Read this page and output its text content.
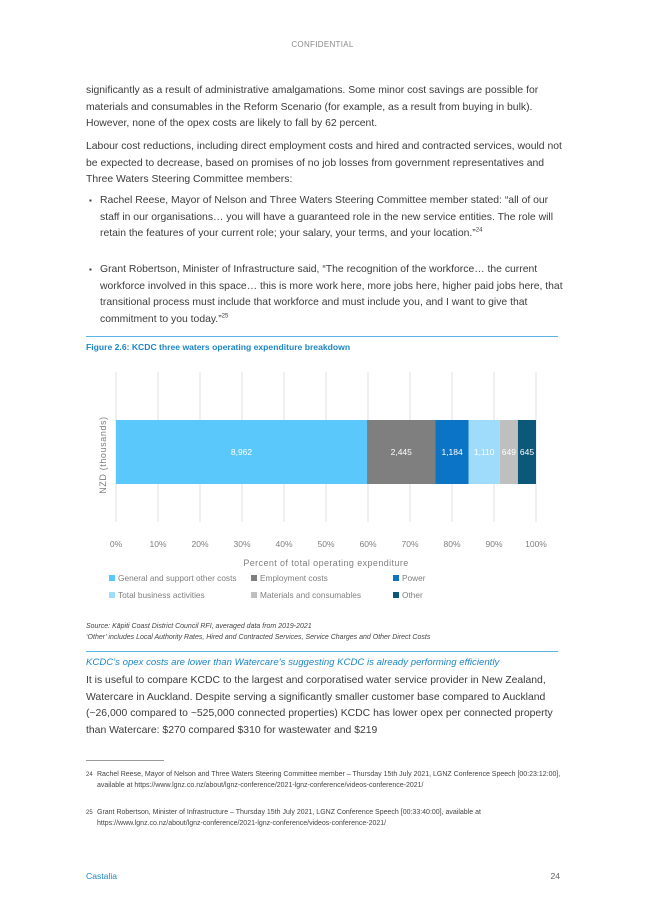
CONFIDENTIAL
significantly as a result of administrative amalgamations. Some minor cost savings are possible for materials and consumables in the Reform Scenario (for example, as a result from buying in bulk). However, none of the opex costs are likely to fall by 62 percent.
Labour cost reductions, including direct employment costs and hired and contracted services, would not be expected to decrease, based on promises of no job losses from government representatives and Three Waters Steering Committee members:
▪ Rachel Reese, Mayor of Nelson and Three Waters Steering Committee member stated: “all of our staff in our organisations… you will have a guaranteed role in the new service entities. The role will retain the features of your current role; your salary, your terms, and your location.”$^{24}$
▪ Grant Robertson, Minister of Infrastructure said, “The recognition of the workforce… the current workforce involved in this space… this is more work here, more jobs here, higher paid jobs here, that transitional process must include that workforce and must include you, and I want to give that commitment to you today.”$^{25}$
Figure 2.6: KCDC three waters operating expenditure breakdown
8,962	2,445	1,184 1,110 649 645
0%	10%	20%	30%	40%	50%	60%	70%	80%	90%	100%
NZD (thousands)
Percent of total operating expenditure
General and support other costs	Employment costs	Power
Total business activities	Materials and consumables	Other
Source: Kāpiti Coast District Council RFI, averaged data from 2019-2021
‘Other’ includes Local Authority Rates, Hired and Contracted Services, Service Charges and Other Direct Costs
KCDC’s opex costs are lower than Watercare’s suggesting KCDC is already performing efficiently
It is useful to compare KCDC to the largest and corporatised water service provider in New Zealand, Watercare in Auckland. Despite serving a significantly smaller customer base compared to Auckland (~26,000 compared to ~525,000 connected properties) KCDC has lower opex per connected property than Watercare: $270 compared $310 for wastewater and $219
24 Rachel Reese, Mayor of Nelson and Three Waters Steering Committee member – Thursday 15th July 2021, LGNZ Conference Speech [00:23:12:00], available at https://www.lgnz.co.nz/about/lgnz-conference/2021-lgnz-conference/videos-conference-2021/
25 Grant Robertson, Minister of Infrastructure – Thursday 15th July 2021, LGNZ Conference Speech [00:33:40:00], available at https://www.lgnz.co.nz/about/lgnz-conference/2021-lgnz-conference/videos-conference-2021/
Castalia	24
